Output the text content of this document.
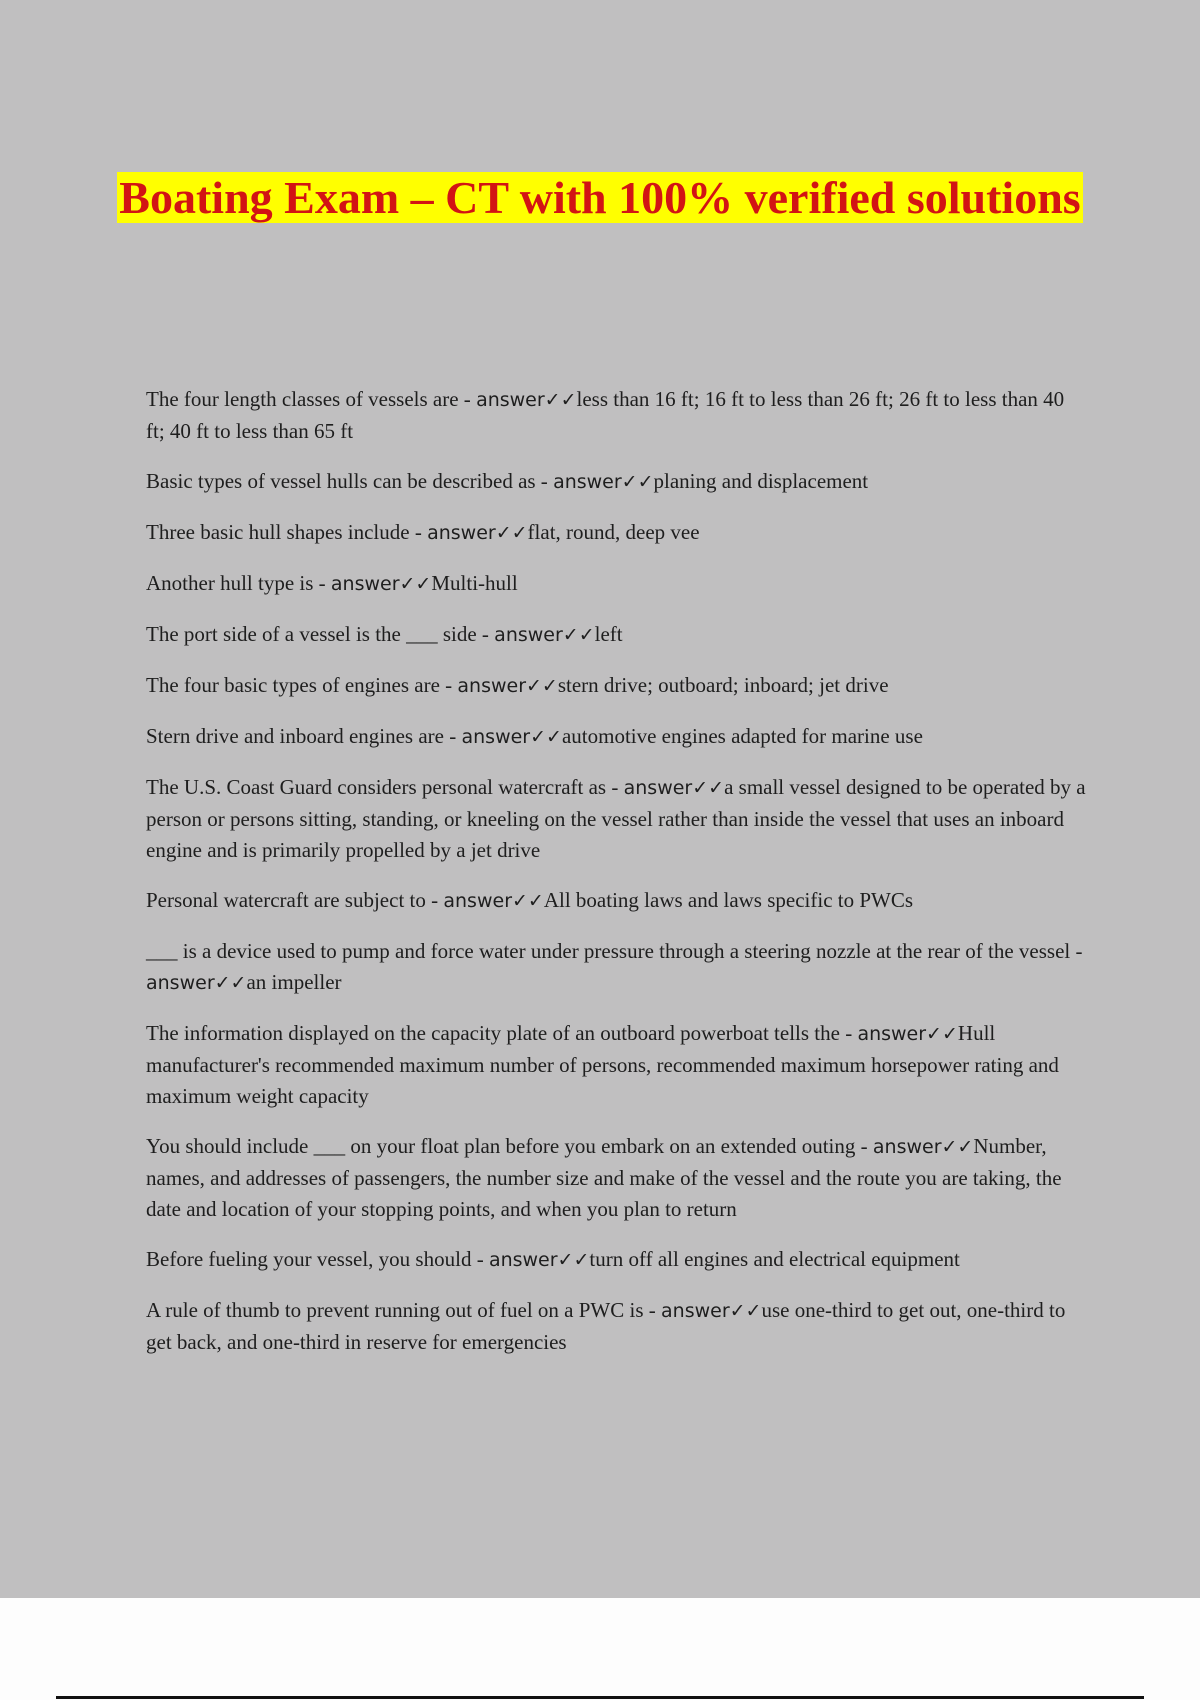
Boating Exam – CT with 100% verified solutions

The four length classes of vessels are - answer✓✓less than 16 ft; 16 ft to less than 26 ft; 26 ft to less than 40 ft; 40 ft to less than 65 ft

Basic types of vessel hulls can be described as - answer✓✓planing and displacement

Three basic hull shapes include - answer✓✓flat, round, deep vee

Another hull type is - answer✓✓Multi-hull

The port side of a vessel is the ___ side - answer✓✓left

The four basic types of engines are - answer✓✓stern drive; outboard; inboard; jet drive

Stern drive and inboard engines are - answer✓✓automotive engines adapted for marine use

The U.S. Coast Guard considers personal watercraft as - answer✓✓a small vessel designed to be operated by a person or persons sitting, standing, or kneeling on the vessel rather than inside the vessel that uses an inboard engine and is primarily propelled by a jet drive

Personal watercraft are subject to - answer✓✓All boating laws and laws specific to PWCs

___ is a device used to pump and force water under pressure through a steering nozzle at the rear of the vessel - answer✓✓an impeller

The information displayed on the capacity plate of an outboard powerboat tells the - answer✓✓Hull manufacturer's recommended maximum number of persons, recommended maximum horsepower rating and maximum weight capacity

You should include ___ on your float plan before you embark on an extended outing - answer✓✓Number, names, and addresses of passengers, the number size and make of the vessel and the route you are taking, the date and location of your stopping points, and when you plan to return

Before fueling your vessel, you should - answer✓✓turn off all engines and electrical equipment

A rule of thumb to prevent running out of fuel on a PWC is - answer✓✓use one-third to get out, one-third to get back, and one-third in reserve for emergencies
